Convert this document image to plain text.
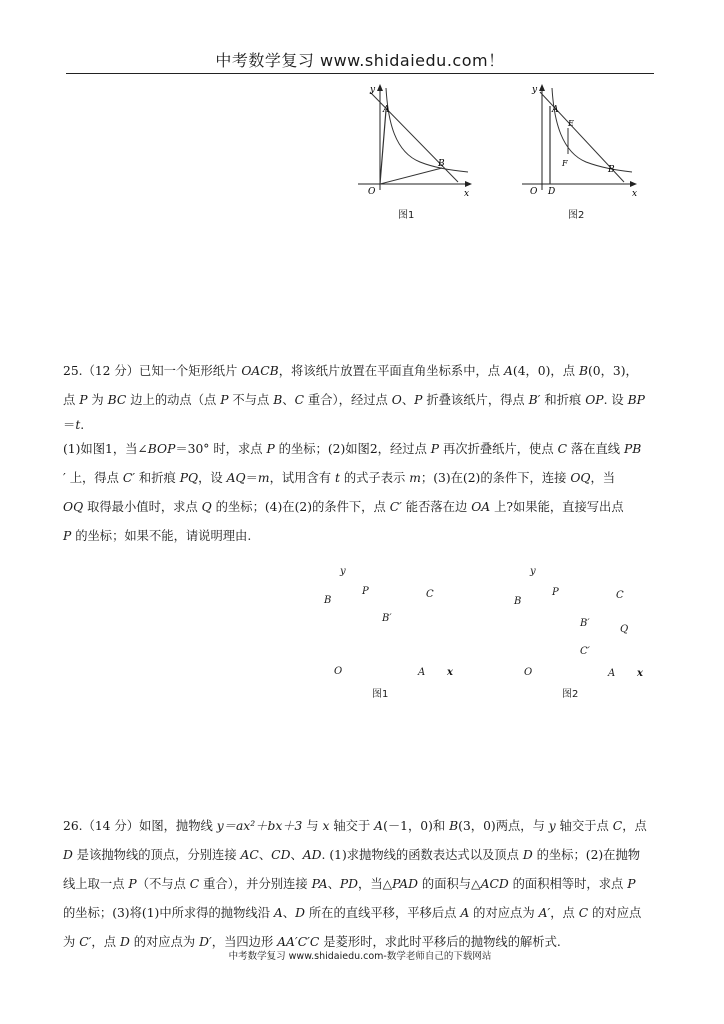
中考数学复习 www.shidaiedu.com！
y
A
B
O	x
图1
y
A
E
F
B
O D	x
图2

25.（12 分）已知一个矩形纸片 OACB，将该纸片放置在平面直角坐标系中，点 A(4，0)，点 B(0，3)，

点 P 为 BC 边上的动点（点 P 不与点 B、C 重合），经过点 O、P 折叠该纸片，得点 B′ 和折痕 OP. 设 BP

＝t.

(1)如图1，当∠BOP＝30° 时，求点 P 的坐标；(2)如图2，经过点 P 再次折叠纸片，使点 C 落在直线 PB

′ 上，得点 C′ 和折痕 PQ，设 AQ＝m，试用含有 t 的式子表示 m；(3)在(2)的条件下，连接 OQ，当

OQ 取得最小值时，求点 Q 的坐标；(4)在(2)的条件下，点 C′ 能否落在边 OA 上?如果能，直接写出点

P 的坐标；如果不能，请说明理由.

y
B
P	C
B′
O	A x
图1
y
B
P	C
B′
Q
C′
O	A x
图2

26.（14 分）如图，抛物线 y＝ax²＋bx＋3 与 x 轴交于 A(－1，0)和 B(3，0)两点，与 y 轴交于点 C，点

D 是该抛物线的顶点，分别连接 AC、CD、AD. (1)求抛物线的函数表达式以及顶点 D 的坐标；(2)在抛物

线上取一点 P（不与点 C 重合），并分别连接 PA、PD，当△PAD 的面积与△ACD 的面积相等时，求点 P

的坐标；(3)将(1)中所求得的抛物线沿 A、D 所在的直线平移，平移后点 A 的对应点为 A′，点 C 的对应点

为 C′，点 D 的对应点为 D′，当四边形 AA′C′C 是菱形时，求此时平移后的抛物线的解析式.

中考数学复习 www.shidaiedu.com-数学老师自己的下载网站
